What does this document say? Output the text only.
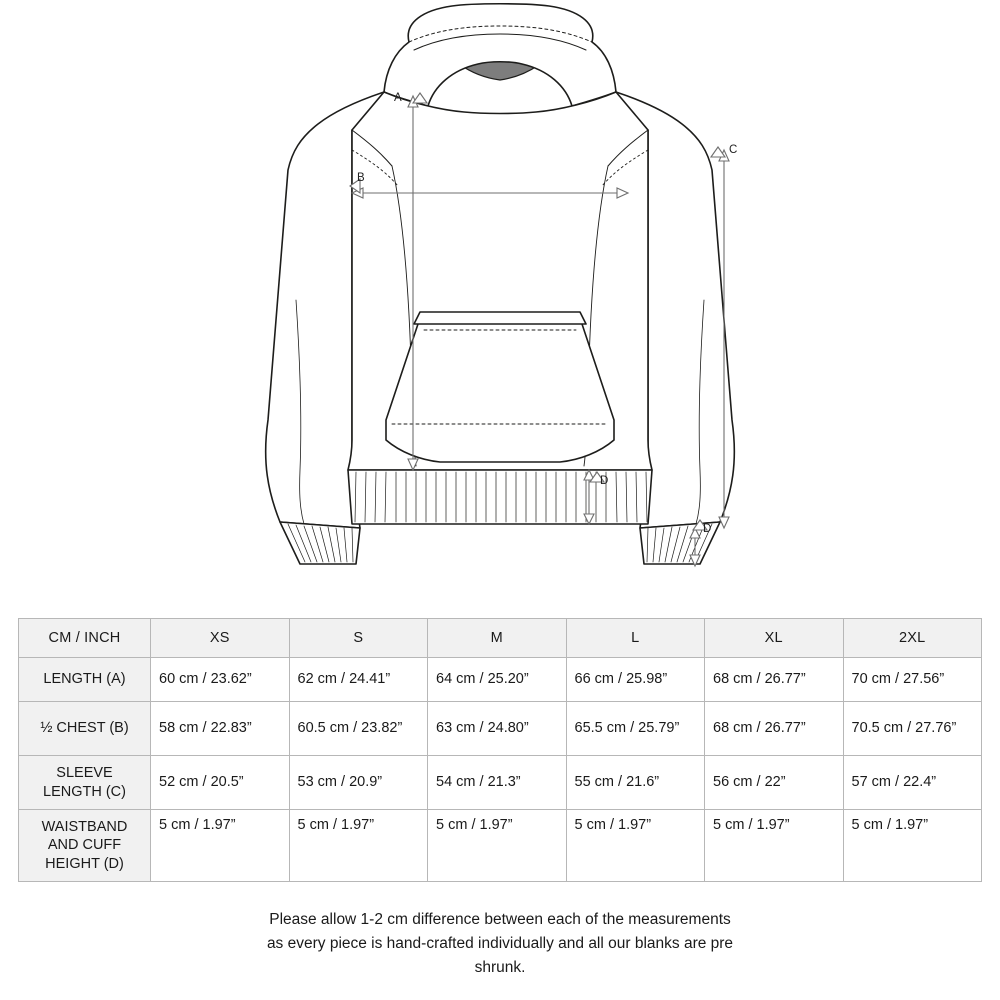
A
B
C
D
D
CM / INCH	XS	S	M	L	XL	2XL
LENGTH (A)	60 cm / 23.62”	62 cm / 24.41”	64 cm / 25.20”	66 cm / 25.98”	68 cm / 26.77”	70 cm / 27.56”
½ CHEST (B)	58 cm / 22.83”	60.5 cm / 23.82”	63 cm / 24.80”	65.5 cm / 25.79”	68 cm / 26.77”	70.5 cm / 27.76”
SLEEVE
LENGTH (C)	52 cm / 20.5”	53 cm / 20.9”	54 cm / 21.3”	55 cm / 21.6”	56 cm / 22”	57 cm / 22.4”
WAISTBAND
AND CUFF
HEIGHT (D)	5 cm / 1.97”	5 cm / 1.97”	5 cm / 1.97”	5 cm / 1.97”	5 cm / 1.97”	5 cm / 1.97”
Please allow 1-2 cm difference between each of the measurements
as every piece is hand-crafted individually and all our blanks are pre
shrunk.
